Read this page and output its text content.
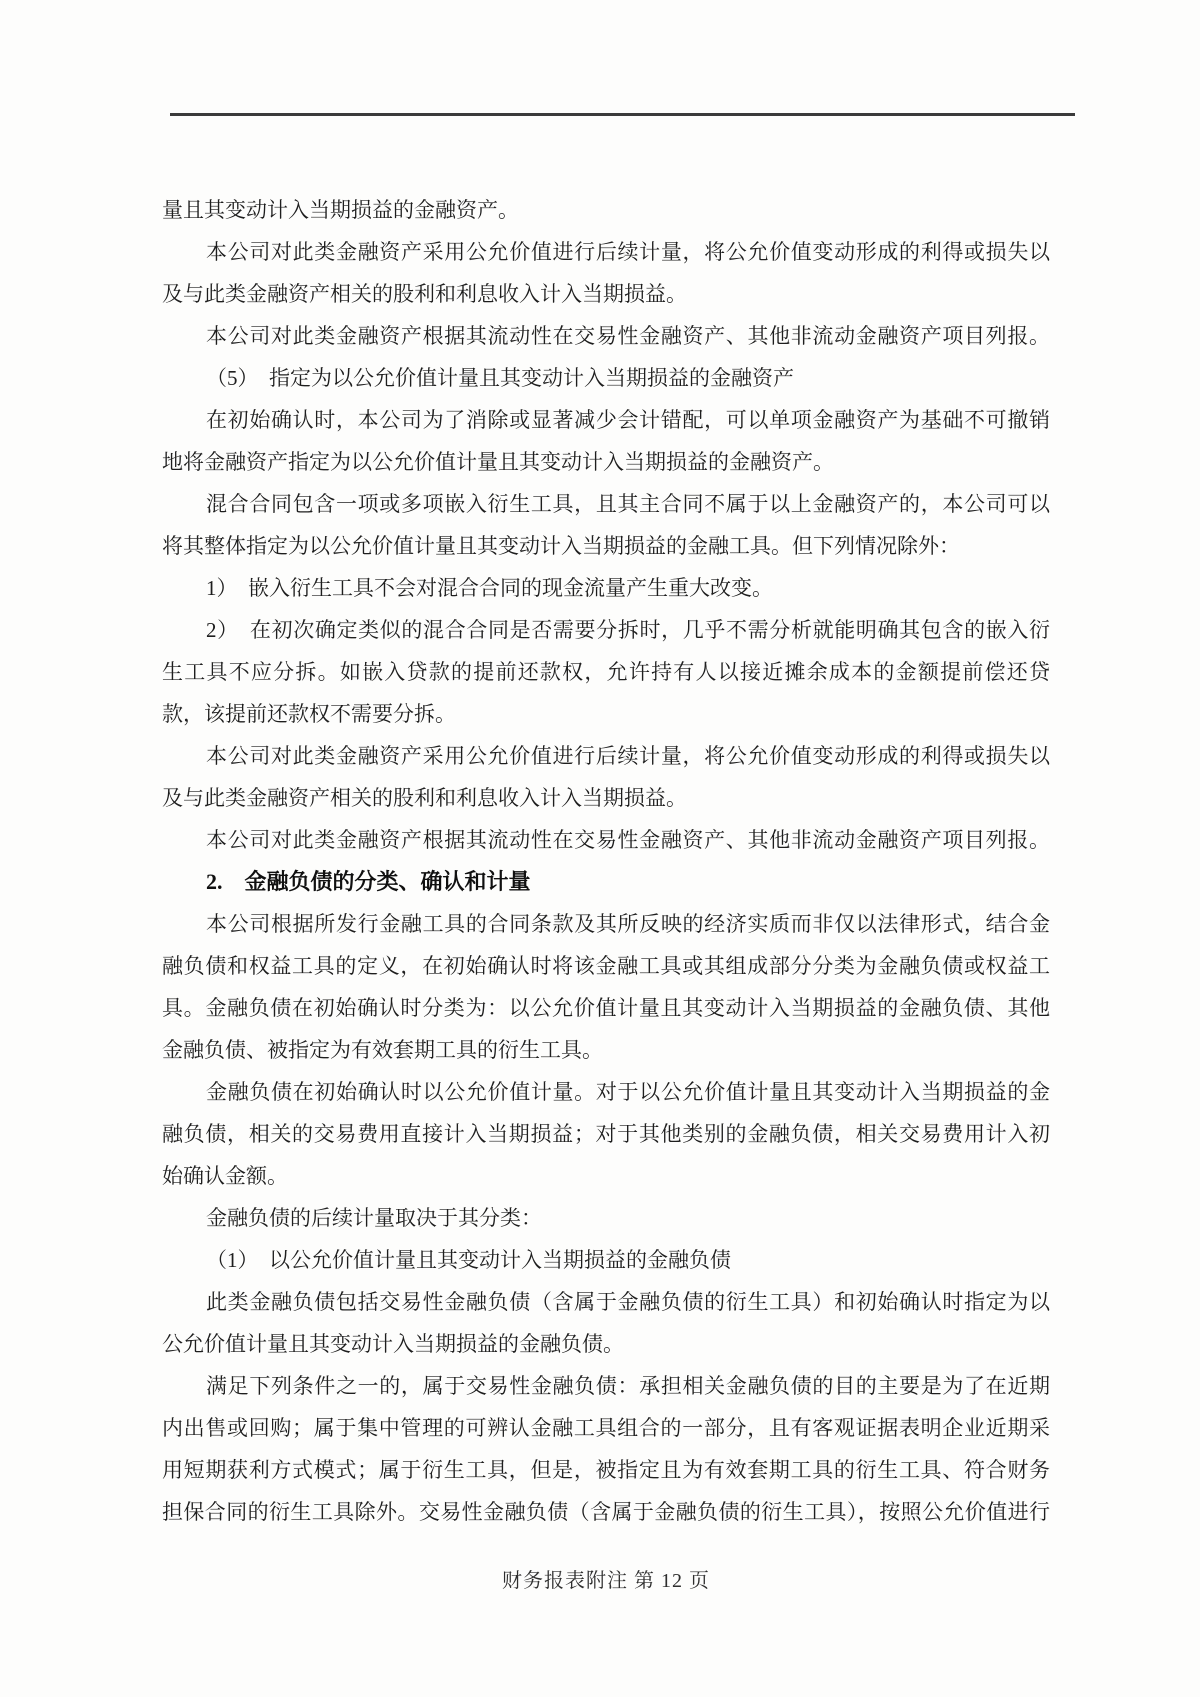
量且其变动计入当期损益的金融资产。
本公司对此类金融资产采用公允价值进行后续计量，将公允价值变动形成的利得或损失以
及与此类金融资产相关的股利和利息收入计入当期损益。
本公司对此类金融资产根据其流动性在交易性金融资产、其他非流动金融资产项目列报。
（5）　指定为以公允价值计量且其变动计入当期损益的金融资产
在初始确认时，本公司为了消除或显著减少会计错配，可以单项金融资产为基础不可撤销
地将金融资产指定为以公允价值计量且其变动计入当期损益的金融资产。
混合合同包含一项或多项嵌入衍生工具，且其主合同不属于以上金融资产的，本公司可以
将其整体指定为以公允价值计量且其变动计入当期损益的金融工具。但下列情况除外：
1）　嵌入衍生工具不会对混合合同的现金流量产生重大改变。
2）　在初次确定类似的混合合同是否需要分拆时，几乎不需分析就能明确其包含的嵌入衍
生工具不应分拆。如嵌入贷款的提前还款权，允许持有人以接近摊余成本的金额提前偿还贷
款，该提前还款权不需要分拆。
本公司对此类金融资产采用公允价值进行后续计量，将公允价值变动形成的利得或损失以
及与此类金融资产相关的股利和利息收入计入当期损益。
本公司对此类金融资产根据其流动性在交易性金融资产、其他非流动金融资产项目列报。
2.　金融负债的分类、确认和计量
本公司根据所发行金融工具的合同条款及其所反映的经济实质而非仅以法律形式，结合金
融负债和权益工具的定义，在初始确认时将该金融工具或其组成部分分类为金融负债或权益工
具。金融负债在初始确认时分类为：以公允价值计量且其变动计入当期损益的金融负债、其他
金融负债、被指定为有效套期工具的衍生工具。
金融负债在初始确认时以公允价值计量。对于以公允价值计量且其变动计入当期损益的金
融负债，相关的交易费用直接计入当期损益；对于其他类别的金融负债，相关交易费用计入初
始确认金额。
金融负债的后续计量取决于其分类：
（1）　以公允价值计量且其变动计入当期损益的金融负债
此类金融负债包括交易性金融负债（含属于金融负债的衍生工具）和初始确认时指定为以
公允价值计量且其变动计入当期损益的金融负债。
满足下列条件之一的，属于交易性金融负债：承担相关金融负债的目的主要是为了在近期
内出售或回购；属于集中管理的可辨认金融工具组合的一部分，且有客观证据表明企业近期采
用短期获利方式模式；属于衍生工具，但是，被指定且为有效套期工具的衍生工具、符合财务
担保合同的衍生工具除外。交易性金融负债（含属于金融负债的衍生工具），按照公允价值进行
财务报表附注 第 12 页
